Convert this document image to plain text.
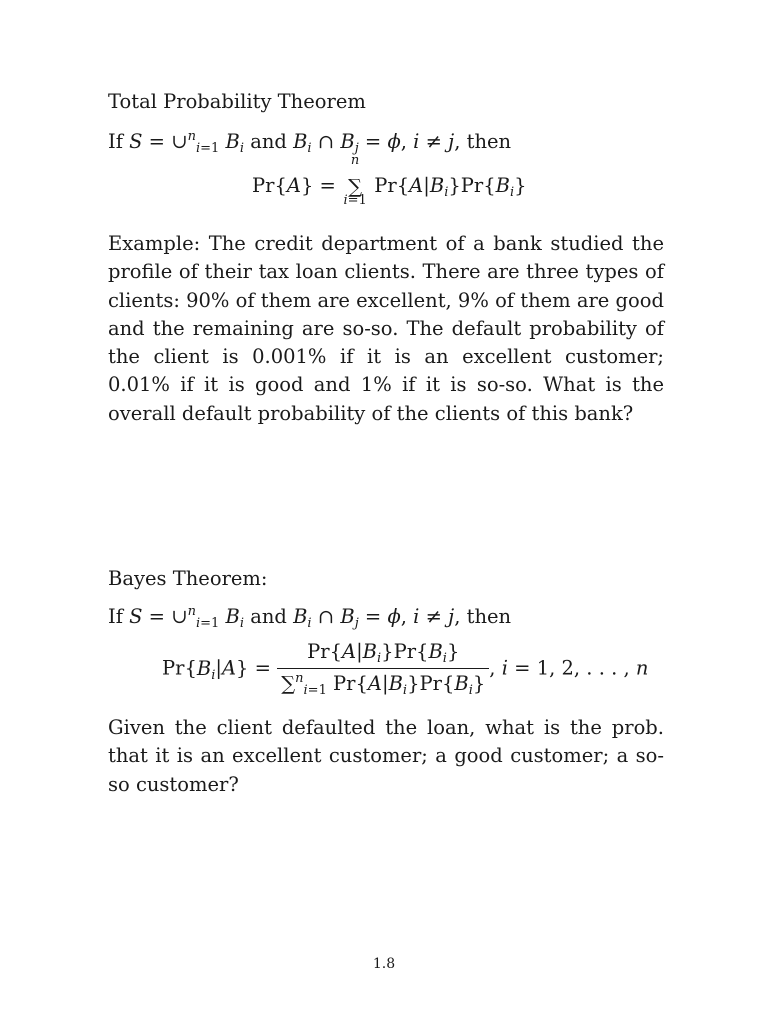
Total Probability Theorem
If S = ∪$^n_{i=1}$ $B_i$ and $B_i$ ∩ $B_j = \phi$, i ≠ j, then
Pr{A} =
n
∑
i=1
$Pr\{A|B_i\}Pr\{B_i\}$
Example: The credit department of a bank studied the profile of their tax loan clients. There are three types of clients: 90% of them are excellent, 9% of them are good and the remaining are so-so. The default probability of the client is 0.001% if it is an excellent customer; 0.01% if it is good and 1% if it is so-so. What is the overall default probability of the clients of this bank?
Bayes Theorem:
If S = ∪$^n_{i=1}$ $B_i$ and $B_i$ ∩ $B_j = \phi$, i ≠ j, then
$Pr\{B_i|A\} = \frac{Pr\{A|B_i\}Pr\{B_i\}}{\sum^n_{i=1} Pr\{A|B_i\}Pr\{B_i\}}$ , i = 1, 2, . . . , n
Given the client defaulted the loan, what is the prob. that it is an excellent customer; a good customer; a so-so customer?
1.8
